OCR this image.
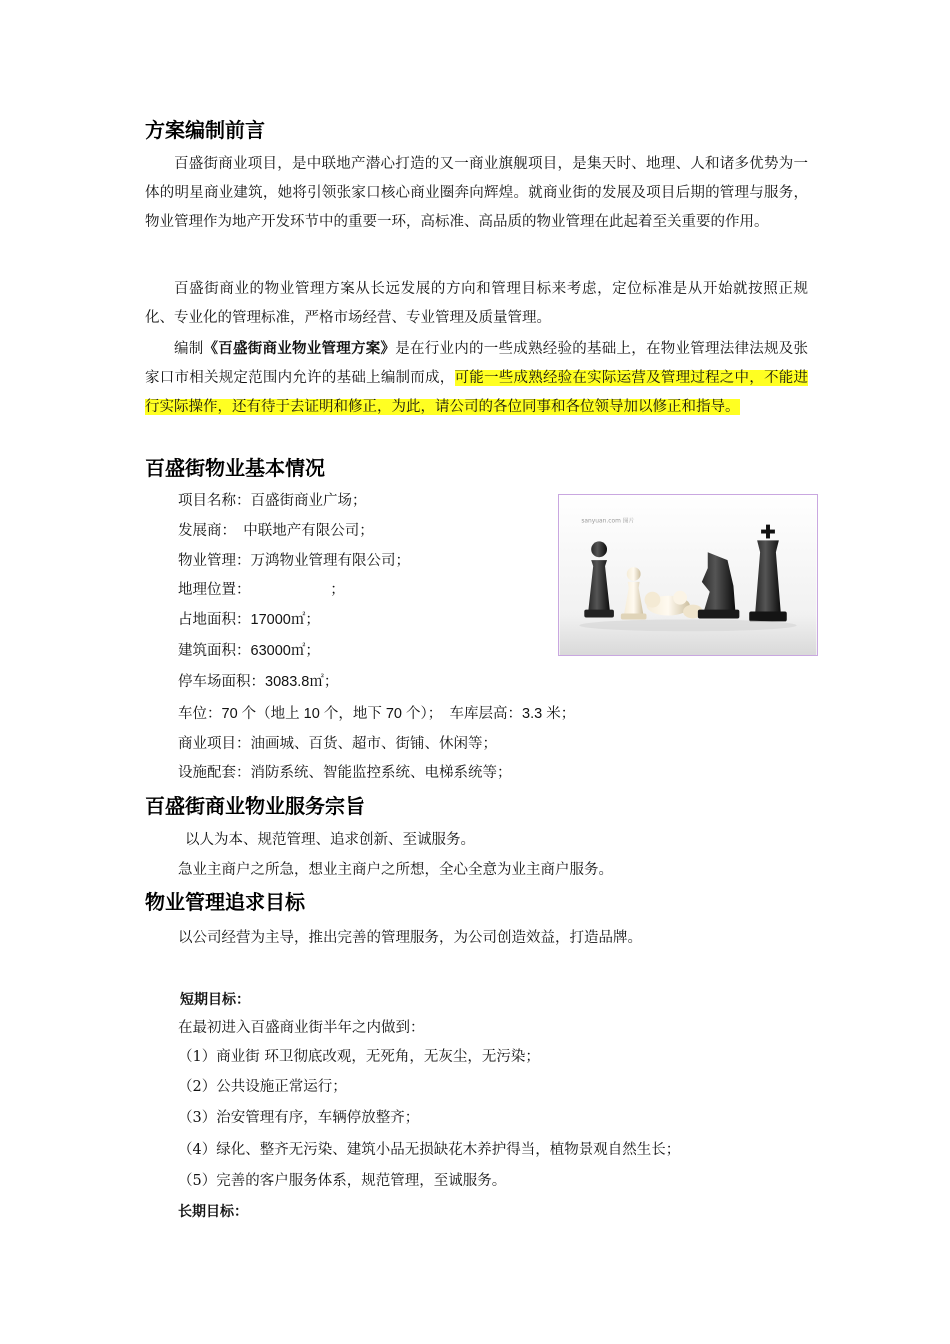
方案编制前言
百盛街商业项目，是中联地产潜心打造的又一商业旗舰项目，是集天时、地理、人和诸多优势为一体的明星商业建筑，她将引领张家口核心商业圈奔向辉煌。就商业街的发展及项目后期的管理与服务，物业管理作为地产开发环节中的重要一环，高标准、高品质的物业管理在此起着至关重要的作用。
百盛街商业的物业管理方案从长远发展的方向和管理目标来考虑，定位标准是从开始就按照正规化、专业化的管理标准，严格市场经营、专业管理及质量管理。
编制《百盛街商业物业管理方案》是在行业内的一些成熟经验的基础上，在物业管理法律法规及张家口市相关规定范围内允许的基础上编制而成，可能一些成熟经验在实际运营及管理过程之中，不能进行实际操作，还有待于去证明和修正，为此，请公司的各位同事和各位领导加以修正和指导。
百盛街物业基本情况
项目名称：百盛街商业广场；
发展商：　中联地产有限公司；
物业管理：万鸿物业管理有限公司；
地理位置：　　　　　　；
占地面积：17000㎡；
建筑面积：63000㎡；
停车场面积：3083.8㎡；
车位：70 个（地上 10 个，地下 70 个）；　车库层高：3.3 米；
商业项目：油画城、百货、超市、街铺、休闲等；
设施配套：消防系统、智能监控系统、电梯系统等；
sanyuan.com 图片
百盛街商业物业服务宗旨
以人为本、规范管理、追求创新、至诚服务。
急业主商户之所急，想业主商户之所想，全心全意为业主商户服务。
物业管理追求目标
以公司经营为主导，推出完善的管理服务，为公司创造效益，打造品牌。
短期目标：
在最初进入百盛商业街半年之内做到：
（1）商业街 环卫彻底改观，无死角，无灰尘，无污染；
（2）公共设施正常运行；
（3）治安管理有序，车辆停放整齐；
（4）绿化、整齐无污染、建筑小品无损缺花木养护得当，植物景观自然生长；
（5）完善的客户服务体系，规范管理，至诚服务。
长期目标：
